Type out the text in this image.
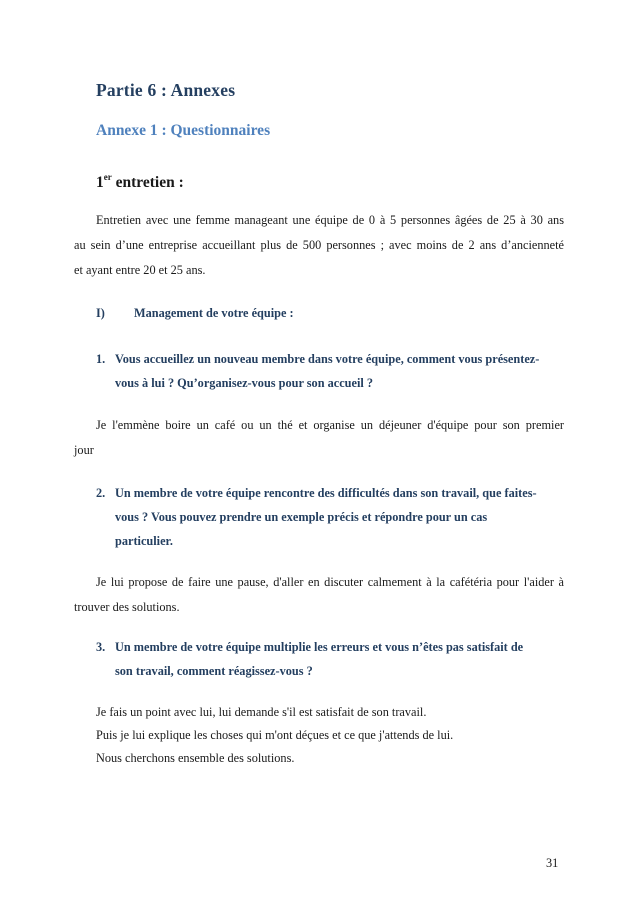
Partie 6 : Annexes
Annexe 1 : Questionnaires
1er entretien :
Entretien avec une femme manageant une équipe de 0 à 5 personnes âgées de 25 à 30 ans
au sein d’une entreprise accueillant plus de 500 personnes ; avec moins de 2 ans d’ancienneté
et ayant entre 20 et 25 ans.
I) Management de votre équipe :
1. Vous accueillez un nouveau membre dans votre équipe, comment vous présentez-
vous à lui ? Qu’organisez-vous pour son accueil ?
Je l'emmène boire un café ou un thé et organise un déjeuner d'équipe pour son premier
jour
2. Un membre de votre équipe rencontre des difficultés dans son travail, que faites-
vous ? Vous pouvez prendre un exemple précis et répondre pour un cas
particulier.
Je lui propose de faire une pause, d'aller en discuter calmement à la cafétéria pour l'aider à
trouver des solutions.
3. Un membre de votre équipe multiplie les erreurs et vous n’êtes pas satisfait de
son travail, comment réagissez-vous ?
Je fais un point avec lui, lui demande s'il est satisfait de son travail.
Puis je lui explique les choses qui m'ont déçues et ce que j'attends de lui.
Nous cherchons ensemble des solutions.
31
